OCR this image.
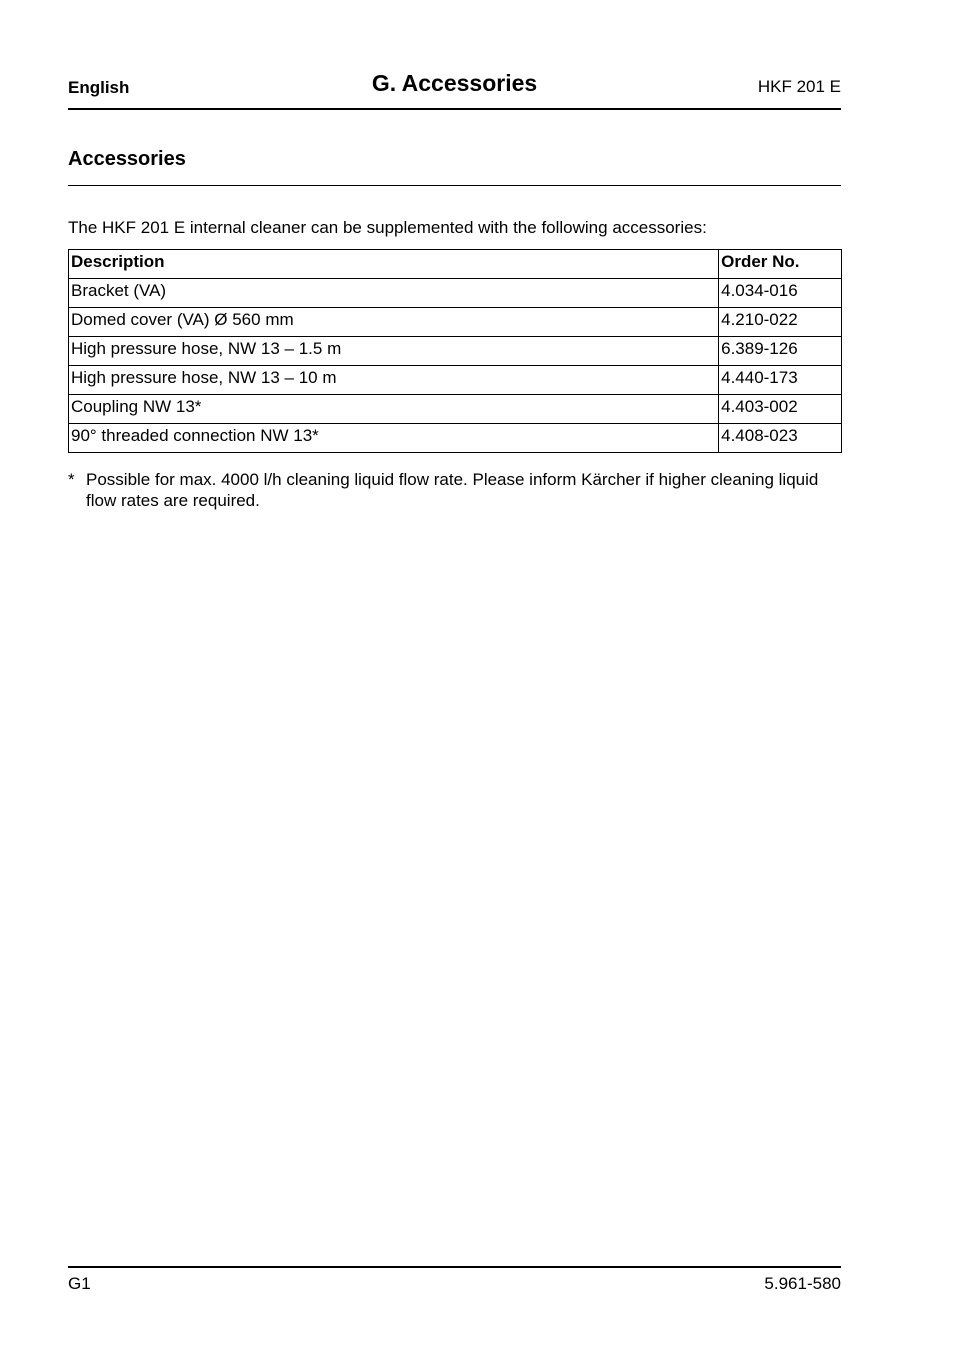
English	G. Accessories	HKF 201 E
Accessories
The HKF 201 E internal cleaner can be supplemented with the following accessories:
Description	Order No.
Bracket (VA)	4.034-016
Domed cover (VA) Ø 560 mm	4.210-022
High pressure hose, NW 13 – 1.5 m	6.389-126
High pressure hose, NW 13 – 10 m	4.440-173
Coupling NW 13*	4.403-002
90° threaded connection NW 13*	4.408-023
* Possible for max. 4000 l/h cleaning liquid flow rate. Please inform Kärcher if higher cleaning liquid flow rates are required.
G1	5.961-580
